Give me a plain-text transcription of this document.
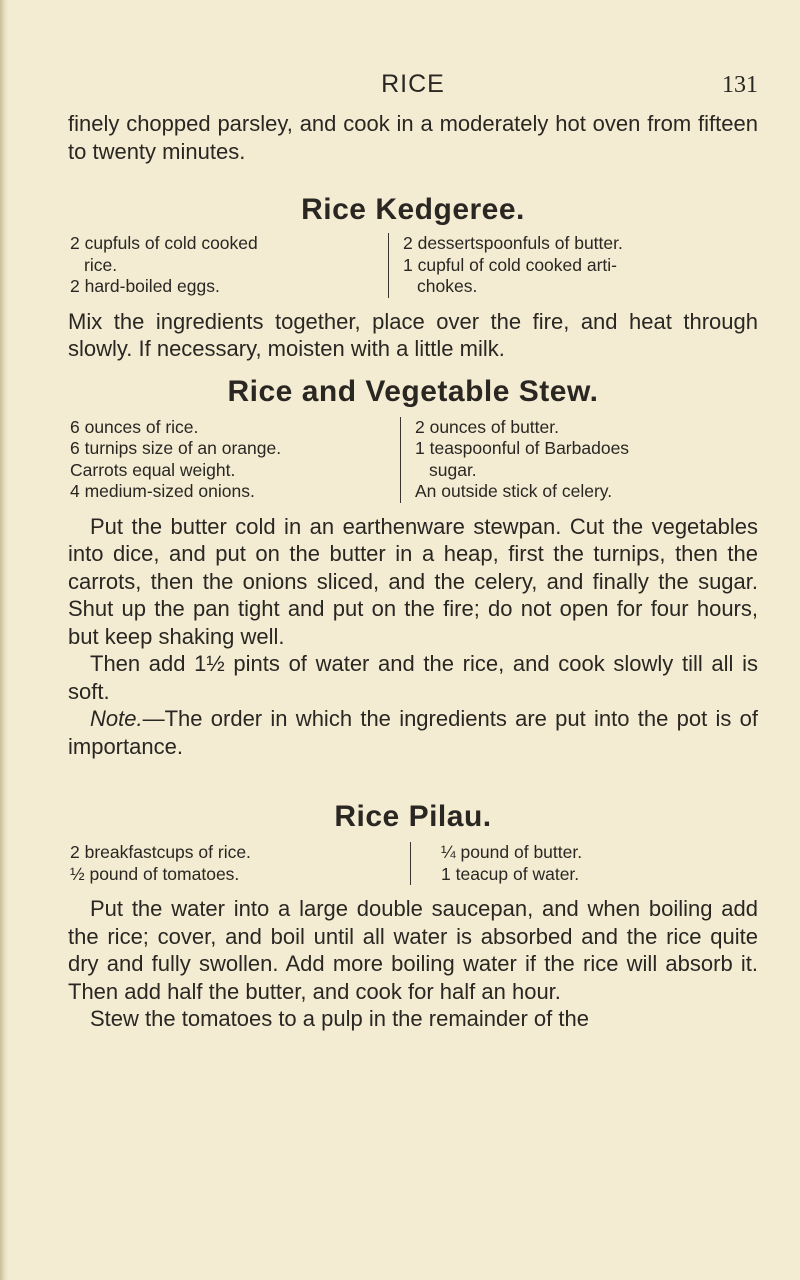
RICE	131

finely chopped parsley, and cook in a moderately hot oven from fifteen to twenty minutes.

Rice Kedgeree.
2 cupfuls of cold cooked
rice.
2 hard-boiled eggs.
2 dessertspoonfuls of butter.
1 cupful of cold cooked arti-
chokes.

Mix the ingredients together, place over the fire, and heat through slowly. If necessary, moisten with a little milk.

Rice and Vegetable Stew.
6 ounces of rice.
6 turnips size of an orange.
Carrots equal weight.
4 medium-sized onions.
2 ounces of butter.
1 teaspoonful of Barbadoes
sugar.
An outside stick of celery.

Put the butter cold in an earthenware stewpan. Cut the vegetables into dice, and put on the butter in a heap, first the turnips, then the carrots, then the onions sliced, and the celery, and finally the sugar. Shut up the pan tight and put on the fire; do not open for four hours, but keep shaking well.

Then add 1½ pints of water and the rice, and cook slowly till all is soft.

Note.—The order in which the ingredients are put into the pot is of importance.

Rice Pilau.
2 breakfastcups of rice.
½ pound of tomatoes.
¼ pound of butter.
1 teacup of water.

Put the water into a large double saucepan, and when boiling add the rice; cover, and boil until all water is absorbed and the rice quite dry and fully swollen. Add more boiling water if the rice will absorb it. Then add half the butter, and cook for half an hour.

Stew the tomatoes to a pulp in the remainder of the
